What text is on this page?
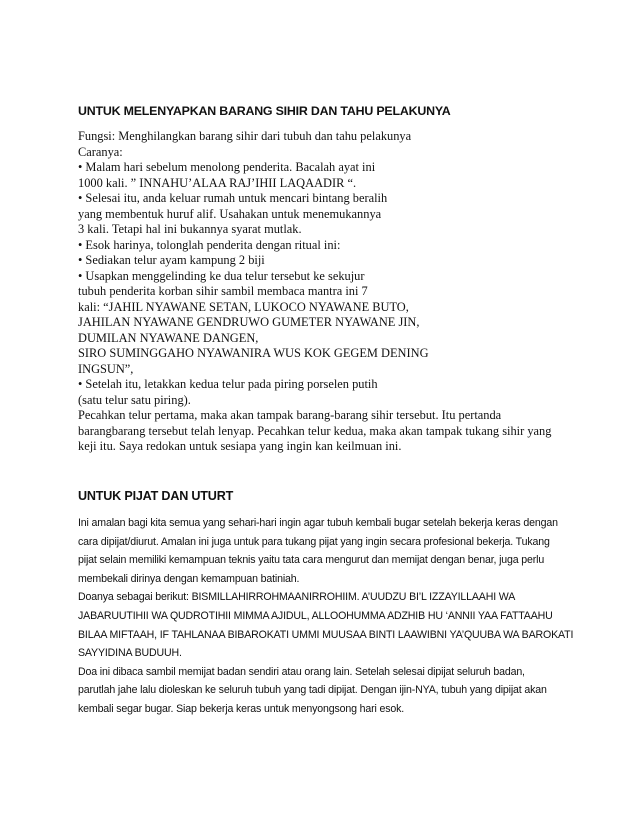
UNTUK MELENYAPKAN BARANG SIHIR DAN TAHU PELAKUNYA
Fungsi: Menghilangkan barang sihir dari tubuh dan tahu pelakunya
Caranya:
• Malam hari sebelum menolong penderita. Bacalah ayat ini
1000 kali. ” INNAHU’ALAA RAJ’IHII LAQAADIR “.
• Selesai itu, anda keluar rumah untuk mencari bintang beralih
yang membentuk huruf alif. Usahakan untuk menemukannya
3 kali. Tetapi hal ini bukannya syarat mutlak.
• Esok harinya, tolonglah penderita dengan ritual ini:
• Sediakan telur ayam kampung 2 biji
• Usapkan menggelinding ke dua telur tersebut ke sekujur
tubuh penderita korban sihir sambil membaca mantra ini 7
kali: “JAHIL NYAWANE SETAN, LUKOCO NYAWANE BUTO,
JAHILAN NYAWANE GENDRUWO GUMETER NYAWANE JIN,
DUMILAN NYAWANE DANGEN,
SIRO SUMINGGAHO NYAWANIRA WUS KOK GEGEM DENING
INGSUN”,
• Setelah itu, letakkan kedua telur pada piring porselen putih
(satu telur satu piring).
Pecahkan telur pertama, maka akan tampak barang-barang sihir tersebut. Itu pertanda
barangbarang tersebut telah lenyap. Pecahkan telur kedua, maka akan tampak tukang sihir yang
keji itu. Saya redokan untuk sesiapa yang ingin kan keilmuan ini.
UNTUK PIJAT DAN UTURT
Ini amalan bagi kita semua yang sehari-hari ingin agar tubuh kembali bugar setelah bekerja keras dengan
cara dipijat/diurut. Amalan ini juga untuk para tukang pijat yang ingin secara profesional bekerja. Tukang
pijat selain memiliki kemampuan teknis yaitu tata cara mengurut dan memijat dengan benar, juga perlu
membekali dirinya dengan kemampuan batiniah.
Doanya sebagai berikut: BISMILLAHIRROHMAANIRROHIIM. A’UUDZU BI’L IZZAYILLAAHI WA
JABARUUTIHII WA QUDROTIHII MIMMA AJIDUL, ALLOOHUMMA ADZHIB HU ‘ANNII YAA FATTAAHU
BILAA MIFTAAH, IF TAHLANAA BIBAROKATI UMMI MUUSAA BINTI LAAWIBNI YA’QUUBA WA BAROKATI
SAYYIDINA BUDUUH.
Doa ini dibaca sambil memijat badan sendiri atau orang lain. Setelah selesai dipijat seluruh badan,
parutlah jahe lalu dioleskan ke seluruh tubuh yang tadi dipijat. Dengan ijin-NYA, tubuh yang dipijat akan
kembali segar bugar. Siap bekerja keras untuk menyongsong hari esok.
